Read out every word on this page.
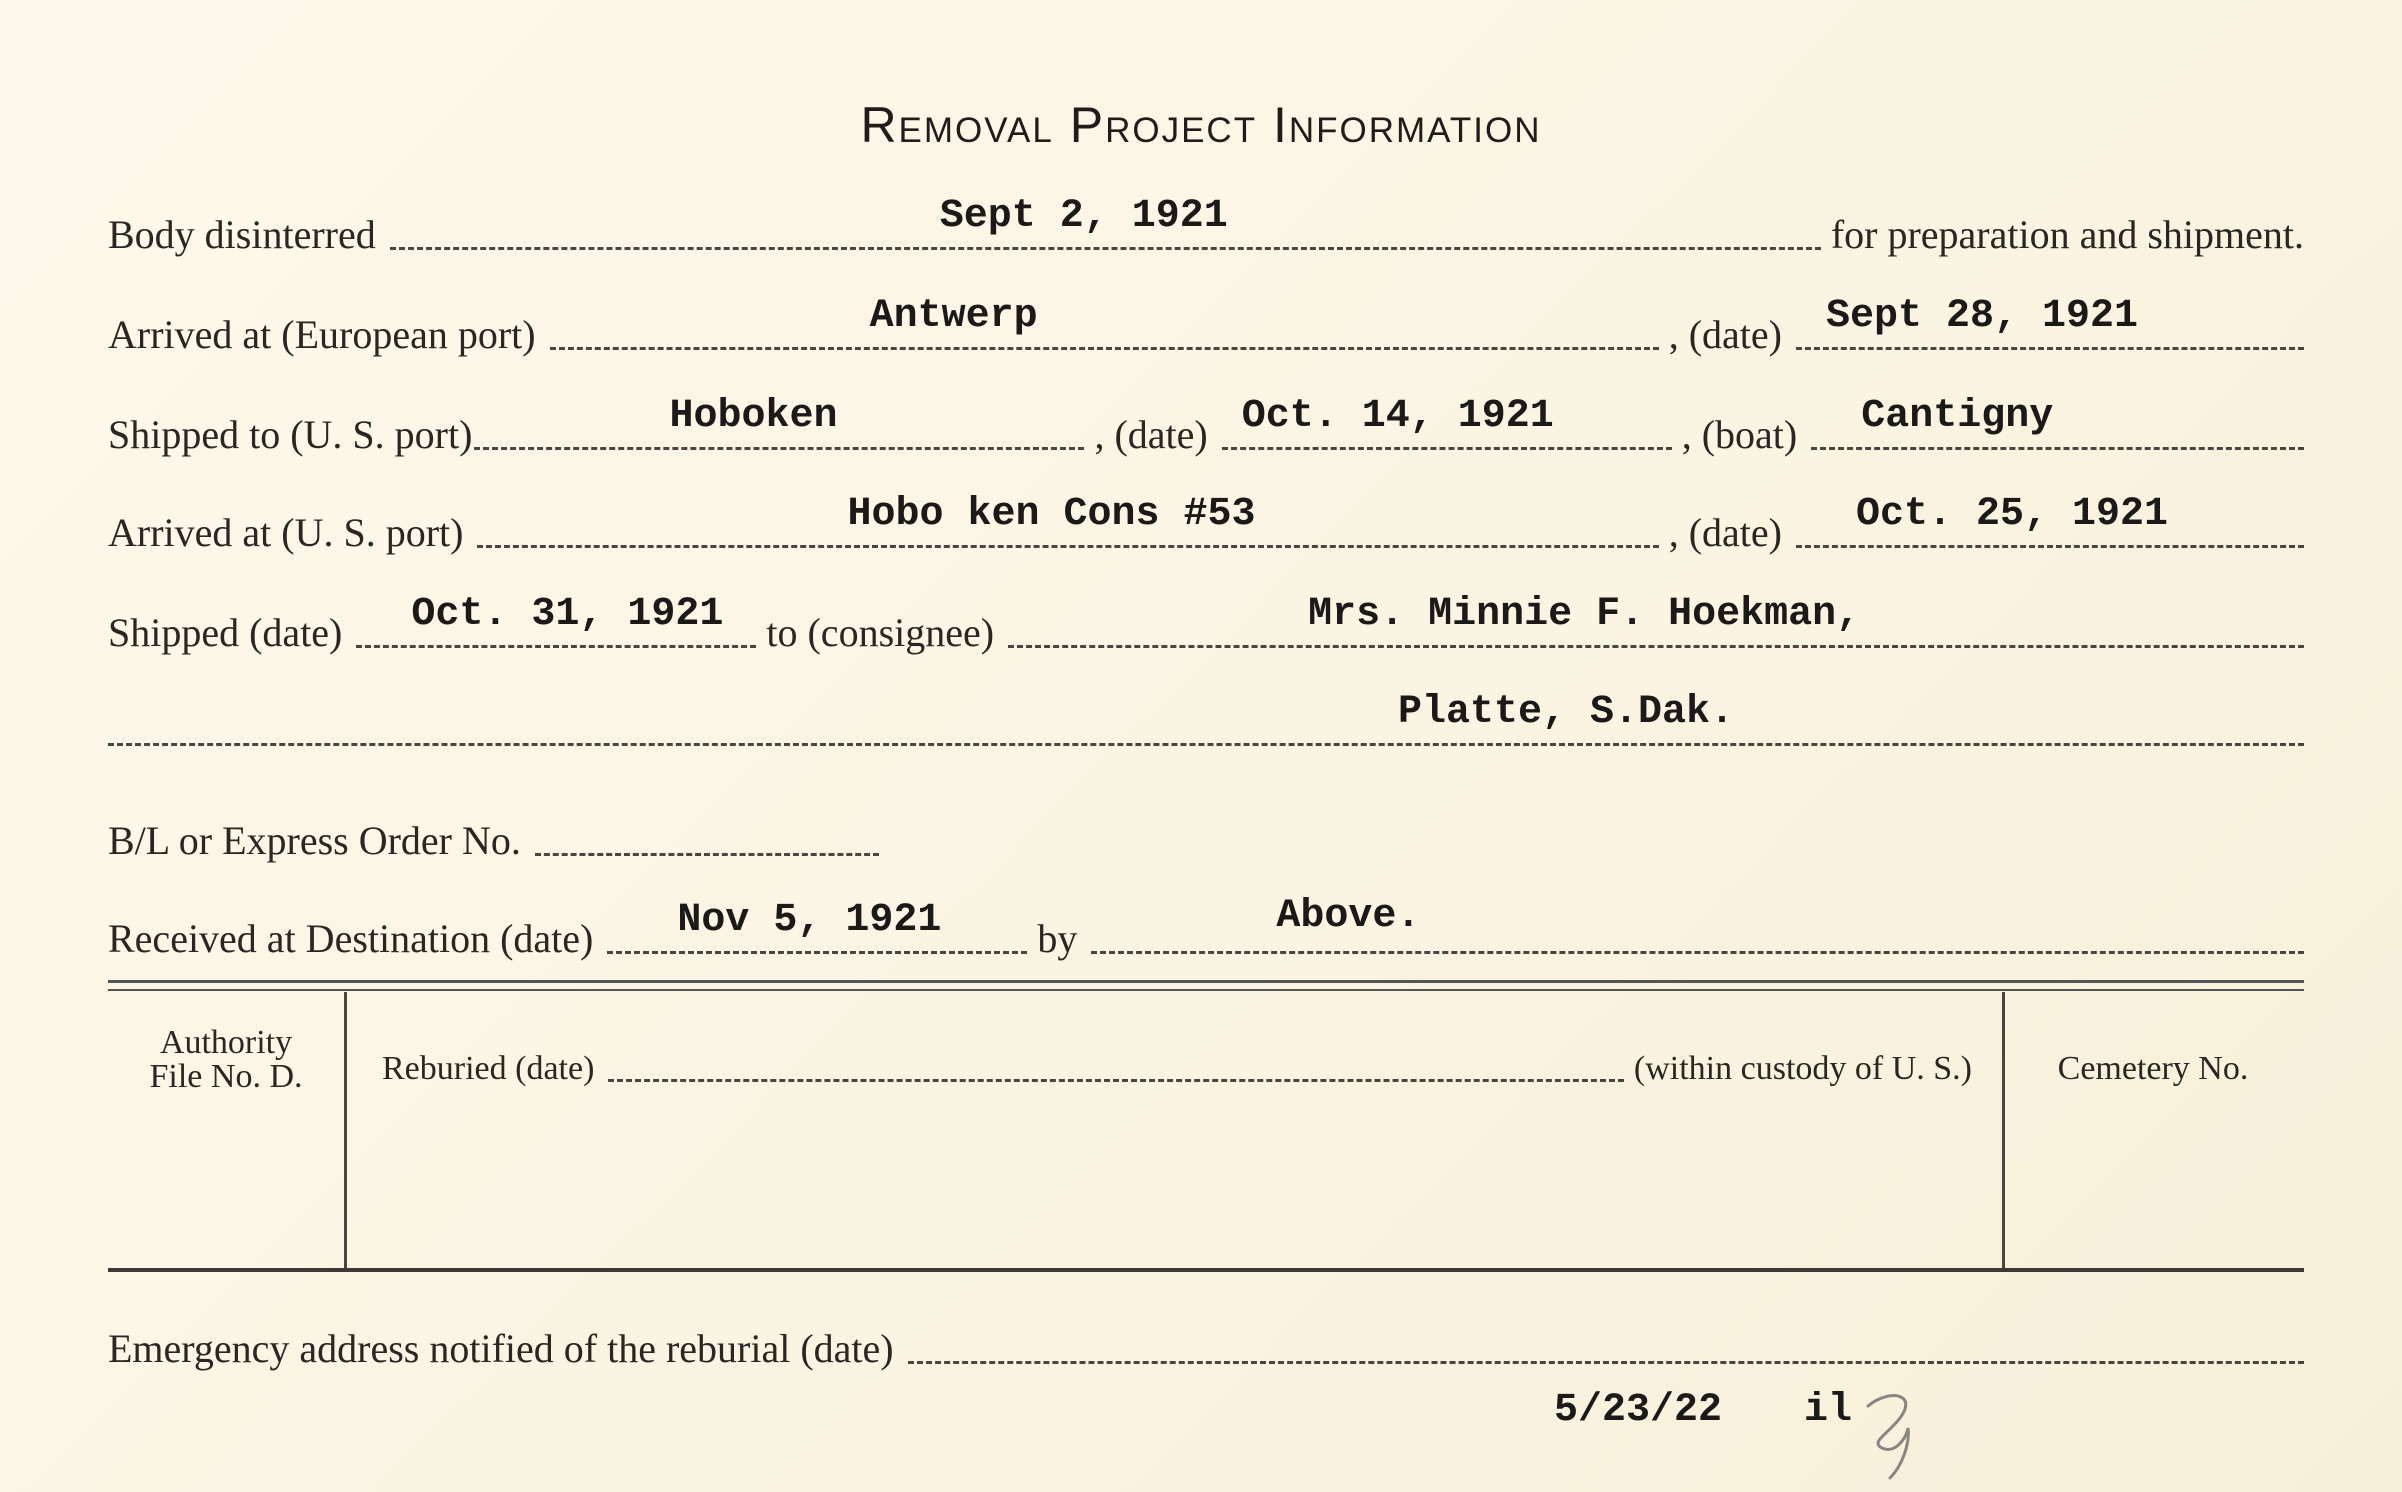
Removal Project Information
Body disinterred	Sept 2, 1921	for preparation and shipment.
Arrived at (European port)	Antwerp	, (date) Sept 28, 1921
Shipped to (U. S. port)	Hoboken	, (date) Oct. 14, 1921	, (boat) Cantigny
Arrived at (U. S. port)	Hobo ken Cons #53	, (date) Oct. 25, 1921
Shipped (date) Oct. 31, 1921 to (consignee)	Mrs. Minnie F. Hoekman,
Platte, S.Dak.
B/L or Express Order No.
Received at Destination (date) Nov 5, 1921 by	Above.
Authority
File No. D.	Reburied (date)	(within custody of U. S.)	Cemetery No.
Emergency address notified of the reburial (date)
5/23/22 il
